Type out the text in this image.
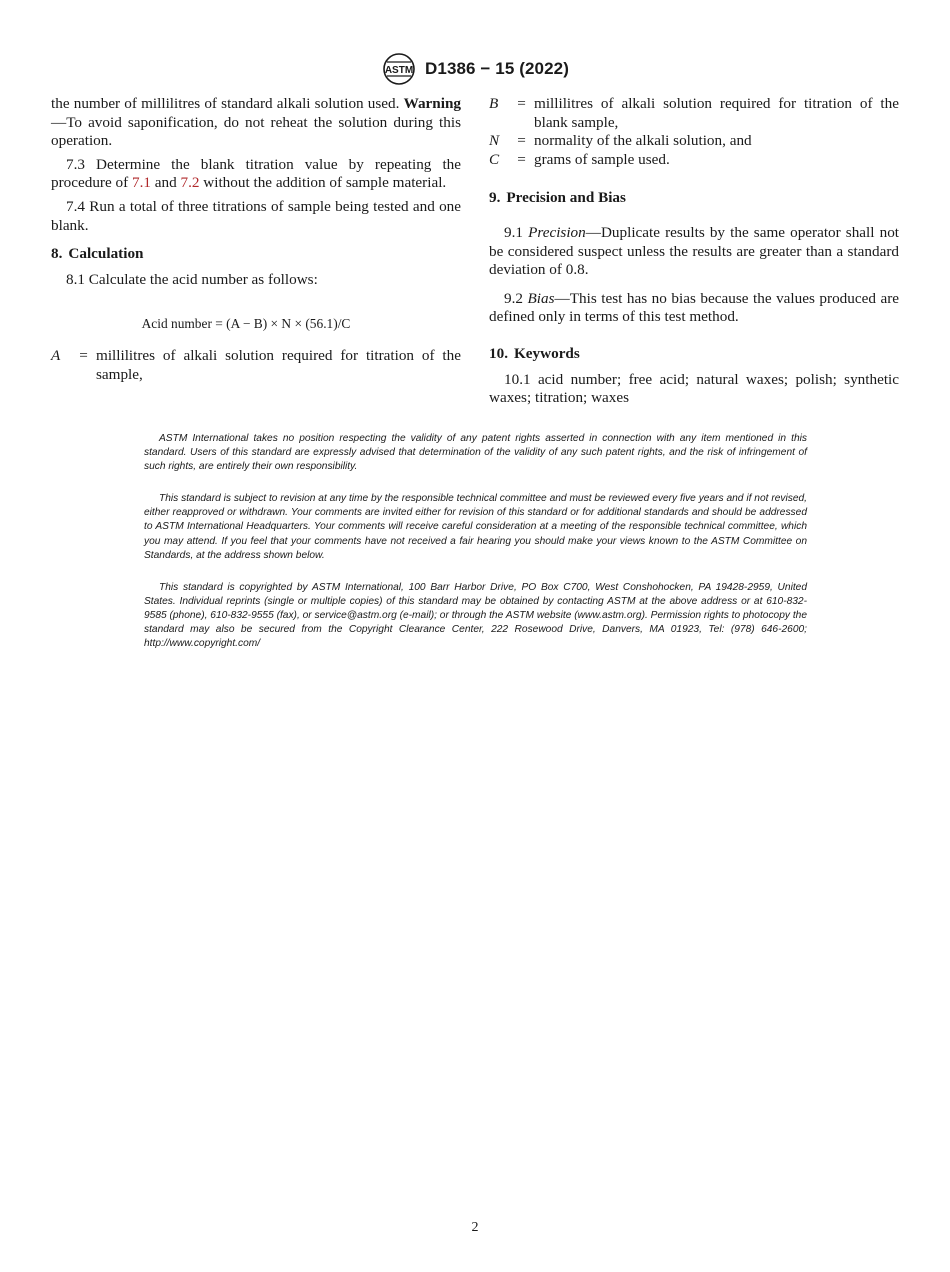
ASTM D1386 − 15 (2022)

the number of millilitres of standard alkali solution used. Warning—To avoid saponification, do not reheat the solution during this operation.

7.3 Determine the blank titration value by repeating the procedure of 7.1 and 7.2 without the addition of sample material.

7.4 Run a total of three titrations of sample being tested and one blank.

8. Calculation

8.1 Calculate the acid number as follows:

Acid number = (A − B) × N × (56.1)/C
A	= millilitres of alkali solution required for titration of the sample,
B	= millilitres of alkali solution required for titration of the blank sample,
N	= normality of the alkali solution, and
C	= grams of sample used.
9. Precision and Bias

9.1 Precision—Duplicate results by the same operator shall not be considered suspect unless the results are greater than a standard deviation of 0.8.

9.2 Bias—This test has no bias because the values produced are defined only in terms of this test method.

10. Keywords

10.1 acid number; free acid; natural waxes; polish; synthetic waxes; titration; waxes

ASTM International takes no position respecting the validity of any patent rights asserted in connection with any item mentioned in this standard. Users of this standard are expressly advised that determination of the validity of any such patent rights, and the risk of infringement of such rights, are entirely their own responsibility.

This standard is subject to revision at any time by the responsible technical committee and must be reviewed every five years and if not revised, either reapproved or withdrawn. Your comments are invited either for revision of this standard or for additional standards and should be addressed to ASTM International Headquarters. Your comments will receive careful consideration at a meeting of the responsible technical committee, which you may attend. If you feel that your comments have not received a fair hearing you should make your views known to the ASTM Committee on Standards, at the address shown below.

This standard is copyrighted by ASTM International, 100 Barr Harbor Drive, PO Box C700, West Conshohocken, PA 19428-2959, United States. Individual reprints (single or multiple copies) of this standard may be obtained by contacting ASTM at the above address or at 610-832-9585 (phone), 610-832-9555 (fax), or service@astm.org (e-mail); or through the ASTM website (www.astm.org). Permission rights to photocopy the standard may also be secured from the Copyright Clearance Center, 222 Rosewood Drive, Danvers, MA 01923, Tel: (978) 646-2600; http://www.copyright.com/

2
